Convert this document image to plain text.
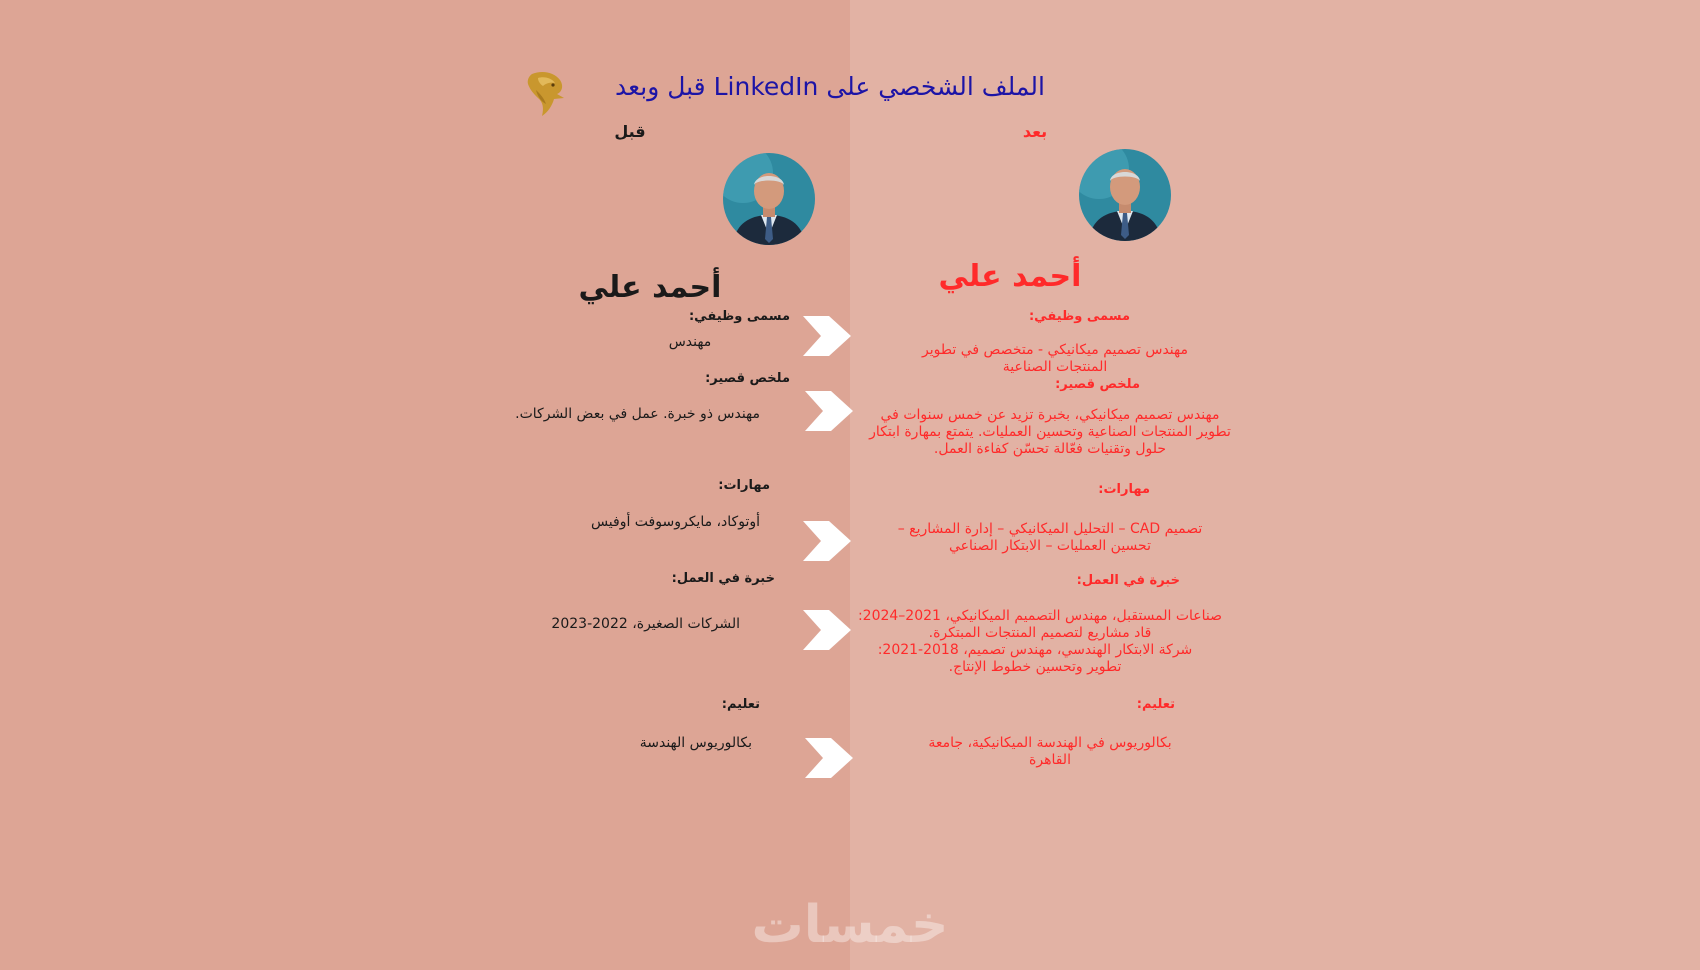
الملف الشخصي على LinkedIn قبل وبعد
قبل
أحمد علي
مسمى وظيفي:
مهندس
ملخص قصير:
مهندس ذو خبرة. عمل في بعض الشركات.
مهارات:
أوتوكاد، مايكروسوفت أوفيس
خبرة في العمل:
الشركات الصغيرة، 2022-2023
تعليم:
بكالوريوس الهندسة
بعد
أحمد علي
مسمى وظيفي:
مهندس تصميم ميكانيكي - متخصص في تطوير المنتجات الصناعية
ملخص قصير:
مهندس تصميم ميكانيكي، بخبرة تزيد عن خمس سنوات في تطوير المنتجات الصناعية وتحسين العمليات. يتمتع بمهارة ابتكار حلول وتقنيات فعّالة تحسّن كفاءة العمل.
مهارات:
تصميم CAD – التحليل الميكانيكي – إدارة المشاريع – تحسين العمليات – الابتكار الصناعي
خبرة في العمل:
صناعات المستقبل، مهندس التصميم الميكانيكي، 2021–2024: قاد مشاريع لتصميم المنتجات المبتكرة.
شركة الابتكار الهندسي، مهندس تصميم، 2018-2021: تطوير وتحسين خطوط الإنتاج.
تعليم:
بكالوريوس في الهندسة الميكانيكية، جامعة القاهرة
خمسات
